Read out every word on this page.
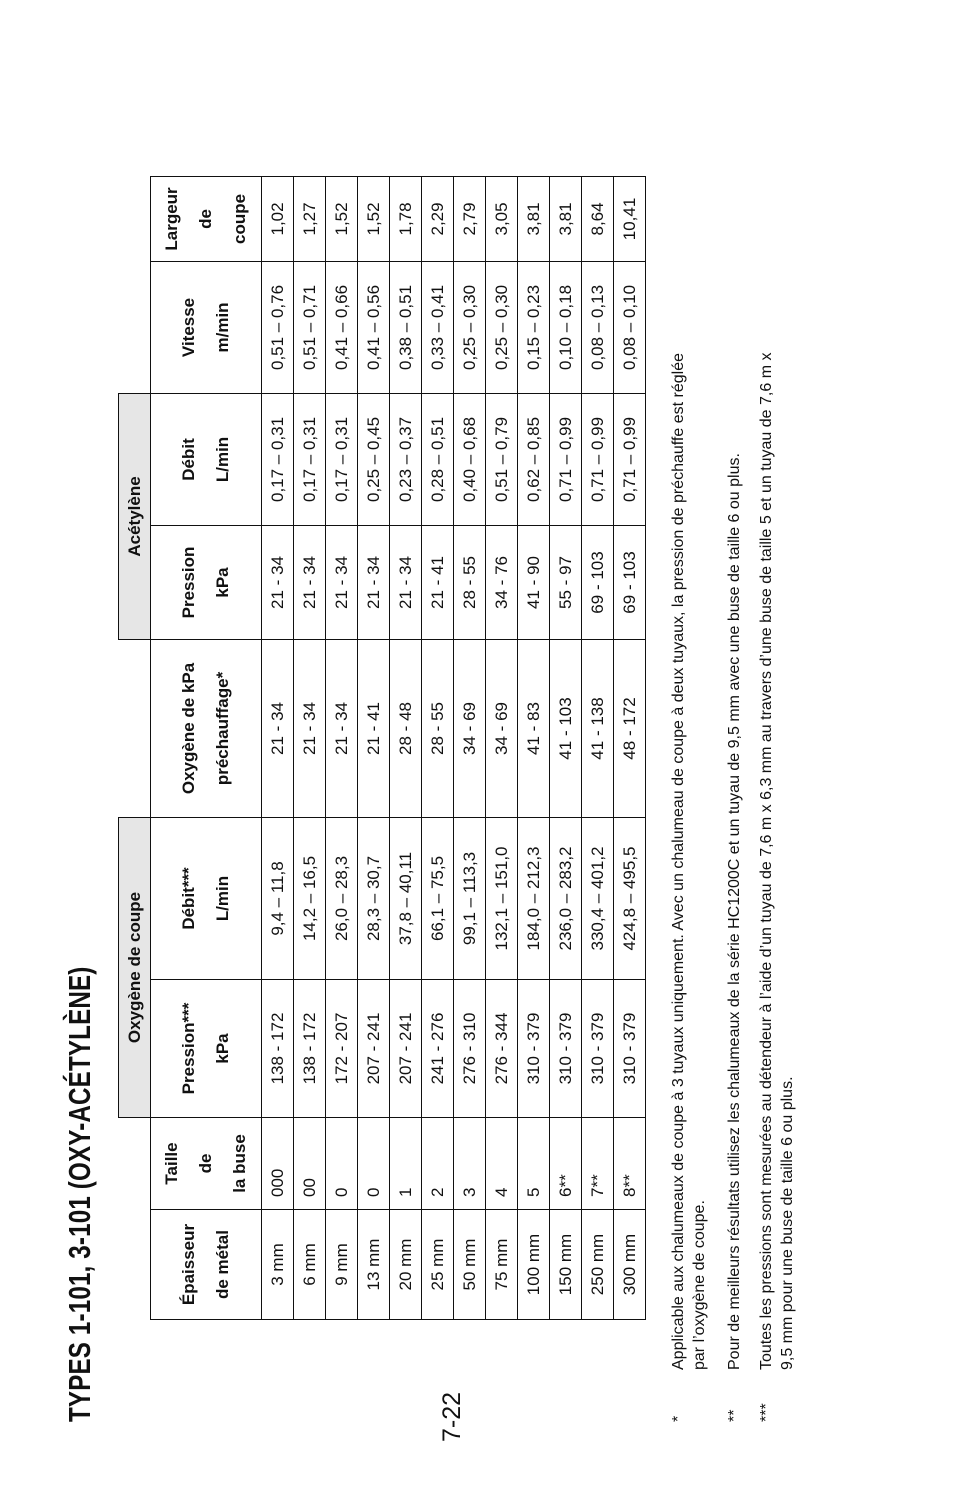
TYPES 1-101, 3-101 (OXY-ACÉTYLÈNE)
		Oxygène de coupe			Acétylène			
Épaisseur de métal	Taille de la buse	Pression*** kPa	Débit*** L/min	Oxygène de kPa préchauffage*	Pression kPa	Débit L/min	Vitesse m/min	Largeur de coupe
3 mm	000	138 - 172	9,4 – 11,8	21 - 34	21 - 34	0,17 – 0,31	0,51 – 0,76	1,02
6 mm	00	138 - 172	14,2 – 16,5	21 - 34	21 - 34	0,17 – 0,31	0,51 – 0,71	1,27
9 mm	0	172 - 207	26,0 – 28,3	21 - 34	21 - 34	0,17 – 0,31	0,41 – 0,66	1,52
13 mm	0	207 - 241	28,3 – 30,7	21 - 41	21 - 34	0,25 – 0,45	0,41 – 0,56	1,52
20 mm	1	207 - 241	37,8 – 40,11	28 - 48	21 - 34	0,23 – 0,37	0,38 – 0,51	1,78
25 mm	2	241 - 276	66,1 – 75,5	28 - 55	21 - 41	0,28 – 0,51	0,33 – 0,41	2,29
50 mm	3	276 - 310	99,1 – 113,3	34 - 69	28 - 55	0,40 – 0,68	0,25 – 0,30	2,79
75 mm	4	276 - 344	132,1 – 151,0	34 - 69	34 - 76	0,51 – 0,79	0,25 – 0,30	3,05
100 mm	5	310 - 379	184,0 – 212,3	41 - 83	41 - 90	0,62 – 0,85	0,15 – 0,23	3,81
150 mm	6**	310 - 379	236,0 – 283,2	41 - 103	55 - 97	0,71 – 0,99	0,10 – 0,18	3,81
250 mm	7**	310 - 379	330,4 – 401,2	41 - 138	69 - 103	0,71 – 0,99	0,08 – 0,13	8,64
300 mm	8**	310 - 379	424,8 – 495,5	48 - 172	69 - 103	0,71 – 0,99	0,08 – 0,10	10,41
*
Applicable aux chalumeaux de coupe à 3 tuyaux uniquement. Avec un chalumeau de coupe à deux tuyaux, la pression de préchauffe est réglée par l’oxygène de coupe.
**
Pour de meilleurs résultats utilisez les chalumeaux de la série HC1200C et un tuyau de 9,5 mm avec une buse de taille 6 ou plus.
***
Toutes les pressions sont mesurées au détendeur à l’aide d’un tuyau de 7,6 m x 6,3 mm au travers d’une buse de taille 5 et un tuyau de 7,6 m x 9,5 mm pour une buse de taille 6 ou plus.
7-22
